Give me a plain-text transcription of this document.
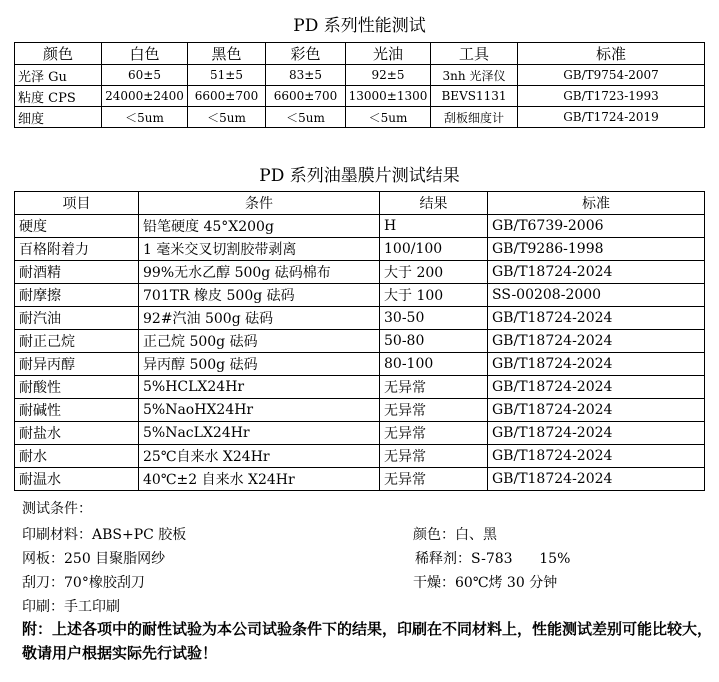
PD 系列性能测试
颜色	白色	黑色	彩色	光油	工具	标准
光泽 Gu	60±5	51±5	83±5	92±5	3nh 光泽仪	GB/T9754-2007
粘度 CPS	24000±2400	6600±700	6600±700	13000±1300	BEVS1131	GB/T1723-1993
细度	＜5um	＜5um	＜5um	＜5um	刮板细度计	GB/T1724-2019
PD 系列油墨膜片测试结果
项目	条件	结果	标准
硬度	铅笔硬度 45°X200g	H	GB/T6739-2006
百格附着力	1 毫米交叉切割胶带剥离	100/100	GB/T9286-1998
耐酒精	99%无水乙醇 500g 砝码棉布	大于 200	GB/T18724-2024
耐摩擦	701TR 橡皮 500g 砝码	大于 100	SS-00208-2000
耐汽油	92#汽油 500g 砝码	30-50	GB/T18724-2024
耐正己烷	正己烷 500g 砝码	50-80	GB/T18724-2024
耐异丙醇	异丙醇 500g 砝码	80-100	GB/T18724-2024
耐酸性	5%HCLX24Hr	无异常	GB/T18724-2024
耐碱性	5%NaoHX24Hr	无异常	GB/T18724-2024
耐盐水	5%NacLX24Hr	无异常	GB/T18724-2024
耐水	25℃自来水 X24Hr	无异常	GB/T18724-2024
耐温水	40℃±2 自来水 X24Hr	无异常	GB/T18724-2024
测试条件：
印刷材料：ABS+PC 胶板
网板：250 目聚脂网纱
刮刀：70°橡胶刮刀
印刷：手工印刷
颜色：白、黑
稀释剂：S-783      15%
干燥：60℃烤 30 分钟
附：上述各项中的耐性试验为本公司试验条件下的结果，印刷在不同材料上，性能测试差别可能比较大，敬请用户根据实际先行试验！
